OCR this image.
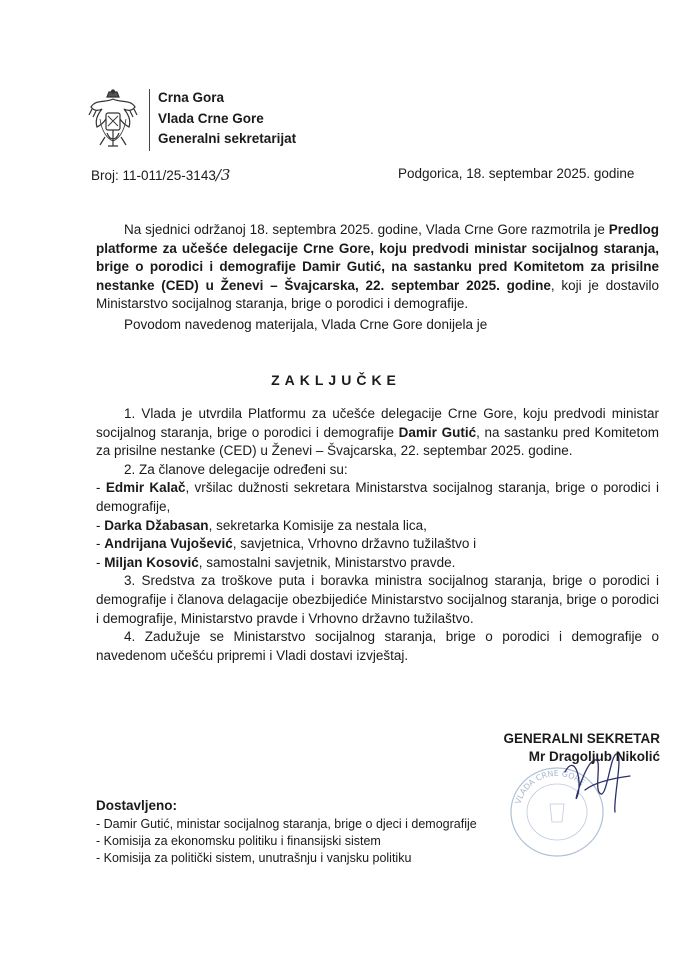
Crna Gora
Vlada Crne Gore
Generalni sekretarijat
Broj: 11-011/25-3143/3	Podgorica, 18. septembar 2025. godine

Na sjednici održanoj 18. septembra 2025. godine, Vlada Crne Gore razmotrila je Predlog platforme za učešće delegacije Crne Gore, koju predvodi ministar socijalnog staranja, brige o porodici i demografije Damir Gutić, na sastanku pred Komitetom za prisilne nestanke (CED) u Ženevi – Švajcarska, 22. septembar 2025. godine, koji je dostavilo Ministarstvo socijalnog staranja, brige o porodici i demografije.

Povodom navedenog materijala, Vlada Crne Gore donijela je

ZAKLJUČKE

1. Vlada je utvrdila Platformu za učešće delegacije Crne Gore, koju predvodi ministar socijalnog staranja, brige o porodici i demografije Damir Gutić, na sastanku pred Komitetom za prisilne nestanke (CED) u Ženevi – Švajcarska, 22. septembar 2025. godine.

2. Za članove delegacije određeni su:

- Edmir Kalač, vršilac dužnosti sekretara Ministarstva socijalnog staranja, brige o porodici i demografije,

- Darka Džabasan, sekretarka Komisije za nestala lica,

- Andrijana Vujošević, savjetnica, Vrhovno državno tužilaštvo i

- Miljan Kosović, samostalni savjetnik, Ministarstvo pravde.

3. Sredstva za troškove puta i boravka ministra socijalnog staranja, brige o porodici i demografije i članova delagacije obezbijediće Ministarstvo socijalnog staranja, brige o porodici i demografije, Ministarstvo pravde i Vrhovno državno tužilaštvo.

4. Zadužuje se Ministarstvo socijalnog staranja, brige o porodici i demografije o navedenom učešću pripremi i Vladi dostavi izvještaj.

VLADA CRNE GORE
GENERALNI SEKRETAR
Mr Dragoljub Nikolić
Dostavljeno:
- Damir Gutić, ministar socijalnog staranja, brige o djeci i demografije
- Komisija za ekonomsku politiku i finansijski sistem
- Komisija za politički sistem, unutrašnju i vanjsku politiku
